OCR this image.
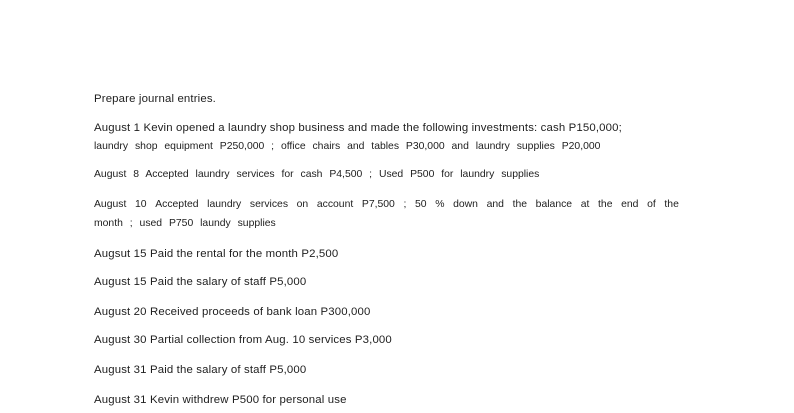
Prepare journal entries.
August 1 Kevin opened a laundry shop business and made the following investments: cash P150,000;
laundry shop equipment P250,000 ; office chairs and tables P30,000 and laundry supplies P20,000
August 8 Accepted laundry services for cash P4,500 ; Used P500 for laundry supplies
August 10 Accepted laundry services on account P7,500 ; 50 % down and the balance at the end of the
month ; used P750 laundy supplies
Augsut 15 Paid the rental for the month P2,500
August 15 Paid the salary of staff P5,000
August 20 Received proceeds of bank loan P300,000
August 30 Partial collection from Aug. 10 services P3,000
August 31 Paid the salary of staff P5,000
August 31 Kevin withdrew P500 for personal use
